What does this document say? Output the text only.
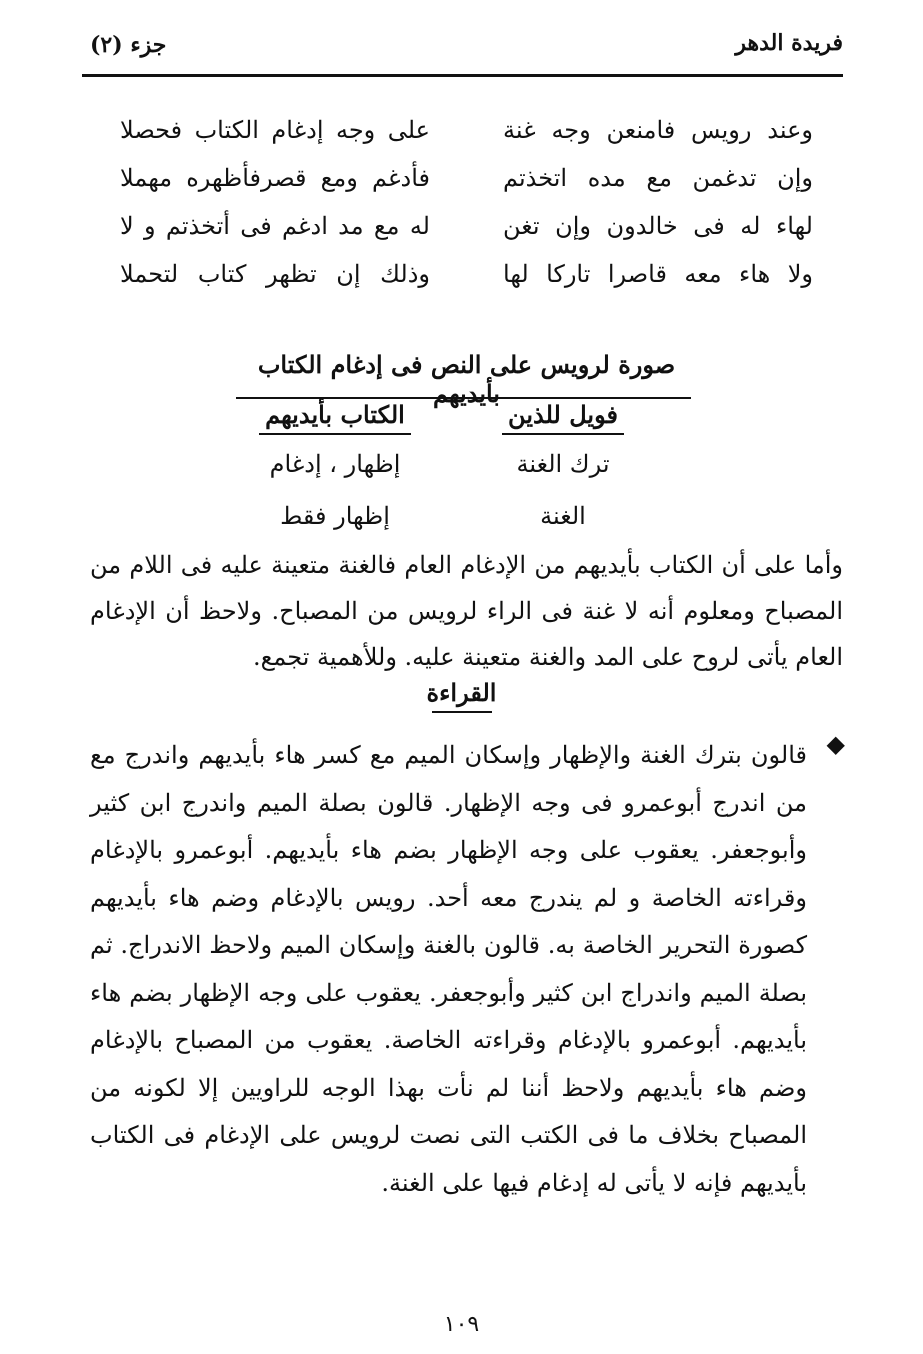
فريدة الدهر
جزء (٢)
وعند رويس فامنعن وجه غنة
على وجه إدغام الكتاب فحصلا
وإن تدغمن مع مده اتخذتم
فأدغم ومع قصرفأظهره مهملا
لهاء له فى خالدون وإن تغن
له مع مد ادغم فى أتخذتم و لا
ولا هاء معه قاصرا تاركا لها
وذلك إن تظهر كتاب لتحملا
صورة لرويس على النص فى إدغام الكتاب بأيديهم
فويل للذين
ترك الغنة
الغنة
الكتاب بأيديهم
إظهار ، إدغام
إظهار فقط
وأما على أن الكتاب بأيديهم من الإدغام العام فالغنة متعينة عليه فى اللام من المصباح ومعلوم أنه لا غنة فى الراء لرويس من المصباح. ولاحظ أن الإدغام العام يأتى لروح على المد والغنة متعينة عليه. وللأهمية تجمع.
القراءة
◆
قالون بترك الغنة والإظهار وإسكان الميم مع كسر هاء بأيديهم واندرج مع من اندرج أبوعمرو فى وجه الإظهار. قالون بصلة الميم واندرج ابن كثير وأبوجعفر. يعقوب على وجه الإظهار بضم هاء بأيديهم. أبوعمرو بالإدغام وقراءته الخاصة و لم يندرج معه أحد. رويس بالإدغام وضم هاء بأيديهم كصورة التحرير الخاصة به. قالون بالغنة وإسكان الميم ولاحظ الاندراج. ثم بصلة الميم واندراج ابن كثير وأبوجعفر. يعقوب على وجه الإظهار بضم هاء بأيديهم. أبوعمرو بالإدغام وقراءته الخاصة. يعقوب من المصباح بالإدغام وضم هاء بأيديهم ولاحظ أننا لم نأت بهذا الوجه للراويين إلا لكونه من المصباح بخلاف ما فى الكتب التى نصت لرويس على الإدغام فى الكتاب بأيديهم فإنه لا يأتى له إدغام فيها على الغنة.
١٠٩
